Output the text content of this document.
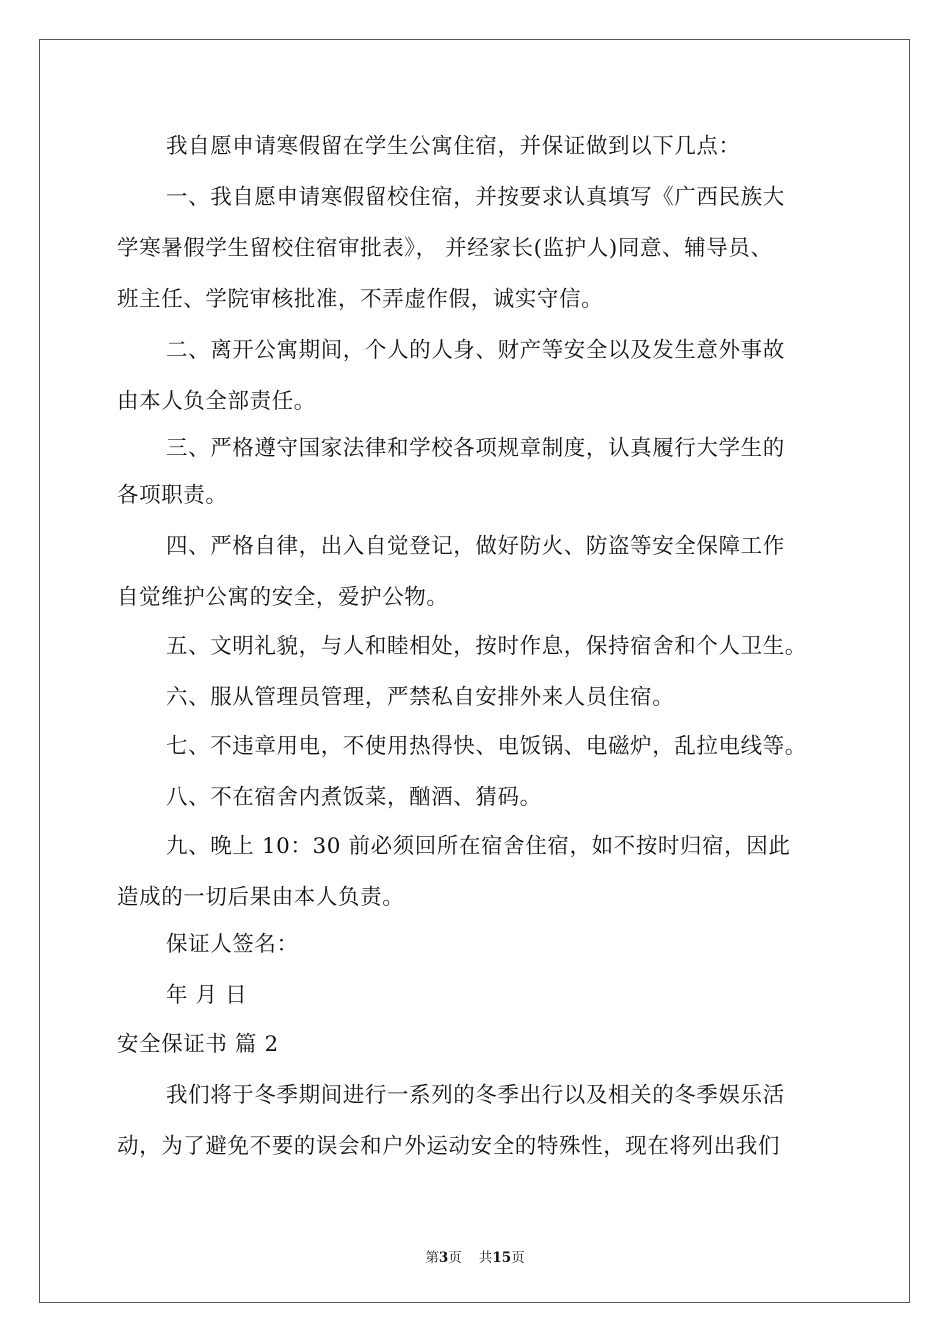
我自愿申请寒假留在学生公寓住宿，并保证做到以下几点：
一、我自愿申请寒假留校住宿，并按要求认真填写《广西民族大
学寒暑假学生留校住宿审批表》， 并经家长(监护人)同意、辅导员、
班主任、学院审核批准，不弄虚作假，诚实守信。
二、离开公寓期间，个人的人身、财产等安全以及发生意外事故
由本人负全部责任。
三、严格遵守国家法律和学校各项规章制度，认真履行大学生的
各项职责。
四、严格自律，出入自觉登记，做好防火、防盗等安全保障工作
自觉维护公寓的安全，爱护公物。
五、文明礼貌，与人和睦相处，按时作息，保持宿舍和个人卫生。
六、服从管理员管理，严禁私自安排外来人员住宿。
七、不违章用电，不使用热得快、电饭锅、电磁炉，乱拉电线等。
八、不在宿舍内煮饭菜，酗酒、猜码。
九、晚上 10：30 前必须回所在宿舍住宿，如不按时归宿，因此
造成的一切后果由本人负责。
保证人签名：
年 月 日
安全保证书 篇 2
我们将于冬季期间进行一系列的冬季出行以及相关的冬季娱乐活
动，为了避免不要的误会和户外运动安全的特殊性，现在将列出我们
第3页 共15页
